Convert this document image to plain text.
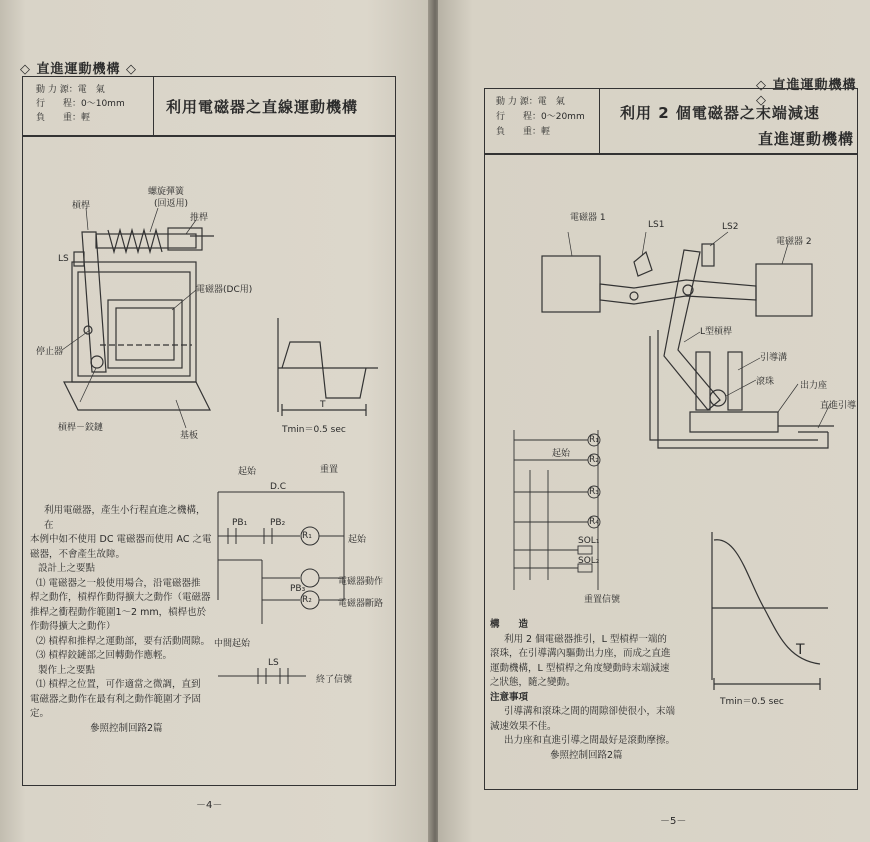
◇ 直進運動機構 ◇
動 力 源：電　氣
行　　程：0～10mm
負　　重：輕
利用電磁器之直線運動機構
螺旋彈簧
(回返用)
槓桿
推桿
LS
電磁器(DC用)
停止器
槓桿－鉸鏈
基板
T
Tmin＝0.5 sec
起始	重置
D.C
PB₁	PB₂
R₁
R₂
PB₃
LS
起始
電磁器動作
電磁器斷路
中間起始
終了信號
利用電磁器，產生小行程直進之機構，在
本例中如不使用 DC 電磁器而使用 AC 之電
磁器，不會產生故障。
設計上之要點
⑴ 電磁器之一般使用場合，沿電磁器推
桿之動作，槓桿作動得擴大之動作（電磁器
推桿之衝程動作範圍1～2 mm，槓桿也於
作動得擴大之動作）
⑵ 槓桿和推桿之運動部，要有活動間隙。
⑶ 槓桿鉸鏈部之回轉動作應輕。
製作上之要點
⑴ 槓桿之位置，可作適當之微調，直到
電磁器之動作在最有利之動作範圍才予固定。
參照控制回路2篇
－4－
◇ 直進運動機構 ◇
動 力 源：電　氣
行　　程：0～20mm
負　　重：輕
利用 2 個電磁器之末端減速
直進運動機構
電磁器 1
LS1	LS2
電磁器 2
L型槓桿
引導溝
滾珠	出力座
直進引導
起始
R₁
R₂
R₃
R₄
SOL₁
SOL₂
重置信號
T
Tmin＝0.5 sec
構　　造
利用 2 個電磁器推引，L 型槓桿一端的
滾珠，在引導溝內驅動出力座，而成之直進
運動機構，L 型槓桿之角度變動時末端減速
之狀態，隨之變動。
注意事項
引導溝和滾珠之間的間隙卻使很小，末端
減速效果不佳。
出力座和直進引導之間最好是滾動摩擦。
參照控制回路2篇
－5－
